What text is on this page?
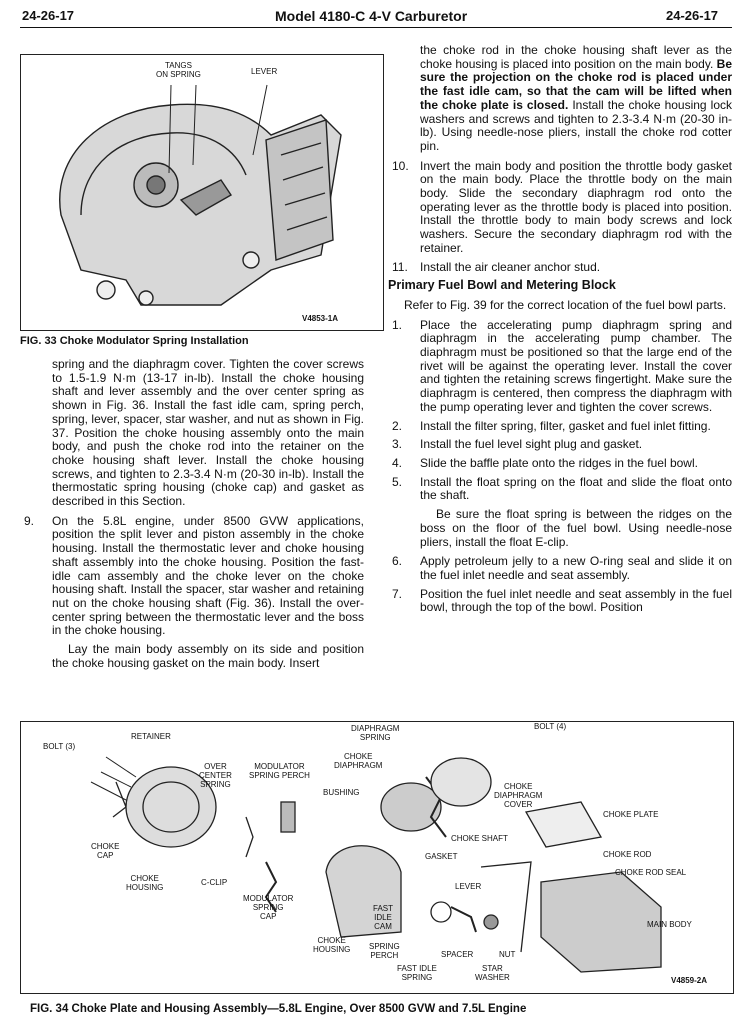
24-26-17	Model 4180-C 4-V Carburetor	24-26-17
TANGS
ON SPRING	LEVER
V4853-1A
FIG. 33 Choke Modulator Spring Installation

spring and the diaphragm cover. Tighten the cover screws to 1.5-1.9 N·m (13-17 in-lb). Install the choke housing shaft and lever assembly and the over center spring as shown in Fig. 36. Install the fast idle cam, spring perch, spring, lever, spacer, star washer, and nut as shown in Fig. 37. Position the choke housing assembly onto the main body, and push the choke rod into the retainer on the choke housing shaft lever. Install the choke housing screws, and tighten to 2.3-3.4 N·m (20-30 in-lb). Install the thermostatic spring housing (choke cap) and gasket as described in this Section.

9. On the 5.8L engine, under 8500 GVW applications, position the split lever and piston assembly in the choke housing. Install the thermostatic lever and choke housing shaft assembly into the choke housing. Position the fast-idle cam assembly and the choke lever on the choke housing shaft. Install the spacer, star washer and retaining nut on the choke housing shaft (Fig. 36). Install the over-center spring between the thermostatic lever and the boss in the choke housing.

Lay the main body assembly on its side and position the choke housing gasket on the main body. Insert

the choke rod in the choke housing shaft lever as the choke housing is placed into position on the main body. Be sure the projection on the choke rod is placed under the fast idle cam, so that the cam will be lifted when the choke plate is closed. Install the choke housing lock washers and screws and tighten to 2.3-3.4 N·m (20-30 in-lb). Using needle-nose pliers, install the choke rod cotter pin.

10. Invert the main body and position the throttle body gasket on the main body. Place the throttle body on the main body. Slide the secondary diaphragm rod onto the operating lever as the throttle body is placed into position. Install the throttle body to main body screws and lock washers. Secure the secondary diaphragm rod with the retainer.
11. Install the air cleaner anchor stud.
Primary Fuel Bowl and Metering Block

Refer to Fig. 39 for the correct location of the fuel bowl parts.

1. Place the accelerating pump diaphragm spring and diaphragm in the accelerating pump chamber. The diaphragm must be positioned so that the large end of the rivet will be against the operating lever. Install the cover and tighten the retaining screws fingertight. Make sure the diaphragm is centered, then compress the diaphragm with the pump operating lever and tighten the cover screws.
2. Install the filter spring, filter, gasket and fuel inlet fitting.
3. Install the fuel level sight plug and gasket.
4. Slide the baffle plate onto the ridges in the fuel bowl.
5. Install the float spring on the float and slide the float onto the shaft.

Be sure the float spring is between the ridges on the boss on the floor of the fuel bowl. Using needle-nose pliers, install the float E-clip.

6. Apply petroleum jelly to a new O-ring seal and slide it on the fuel inlet needle and seat assembly.
7. Position the fuel inlet needle and seat assembly in the fuel bowl, through the top of the bowl. Position
BOLT (3)
RETAINER
OVER
CENTER
SPRING
MODULATOR
SPRING PERCH
DIAPHRAGM
SPRING
CHOKE
DIAPHRAGM
BOLT (4)
BUSHING
CHOKE
DIAPHRAGM
COVER
CHOKE PLATE
CHOKE SHAFT
GASKET	CHOKE ROD
LEVER
CHOKE ROD SEAL
CHOKE
CAP
CHOKE
HOUSING
C-CLIP
MODULATOR
SPRING
CAP
FAST
IDLE
CAM
CHOKE
HOUSING SPRING
PERCH	SPACER	NUT
MAIN BODY
FAST IDLE
SPRING
STAR
WASHER	V4859-2A
FIG. 34 Choke Plate and Housing Assembly—5.8L Engine, Over 8500 GVW and 7.5L Engine
